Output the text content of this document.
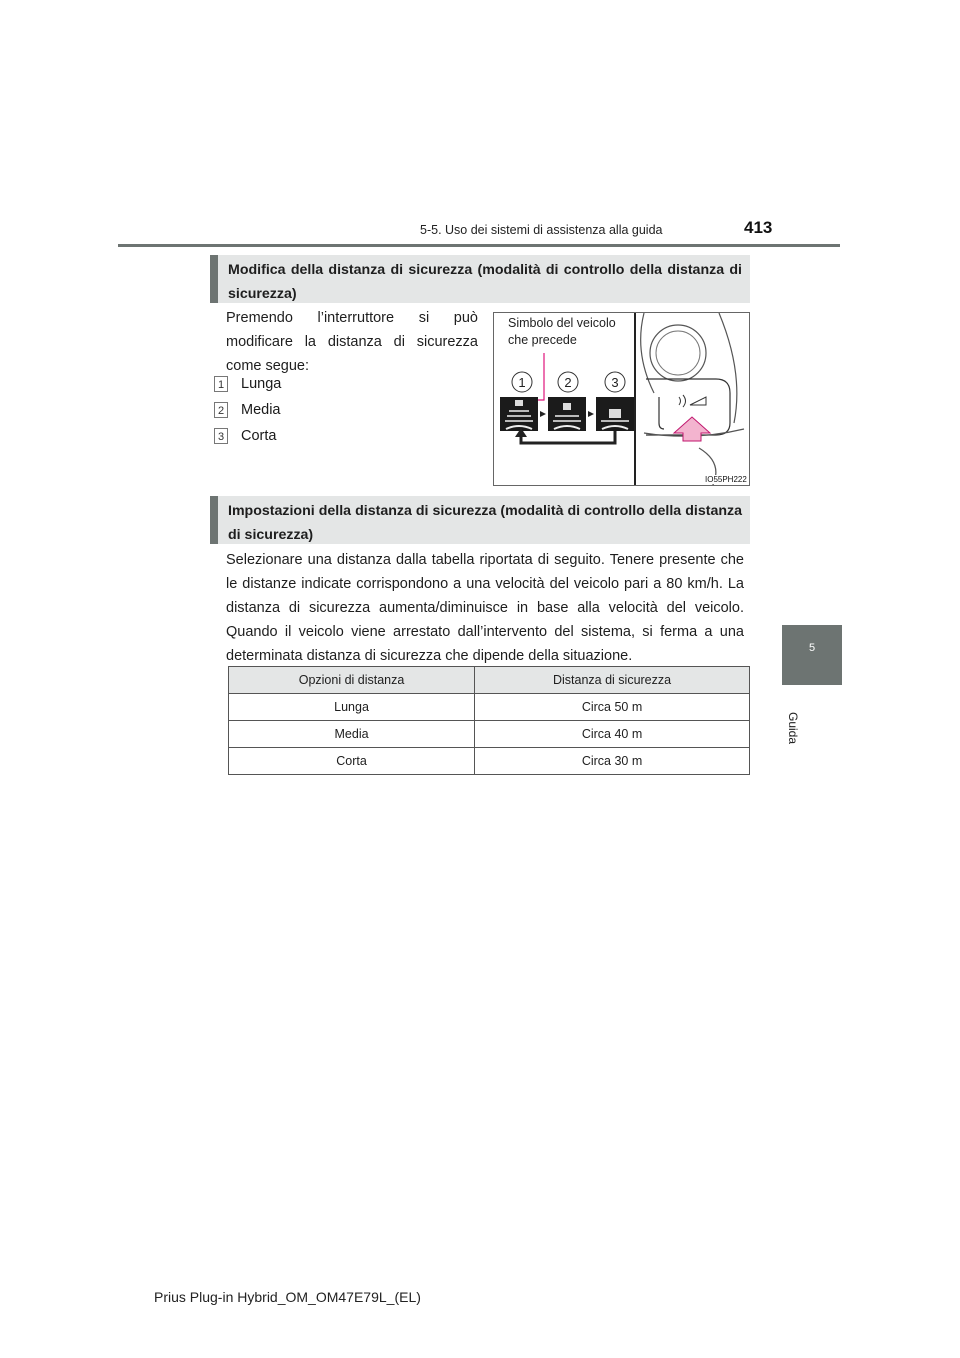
5-5. Uso dei sistemi di assistenza alla guida	413
5
Guida
Modifica della distanza di sicurezza (modalità di controllo della distanza di sicurezza)
Premendo l’interruttore si può modificare la distanza di sicurezza come segue:
1 Lunga
2 Media
3 Corta
1	2	3
Simbolo del veicolo
che precede
IO55PH222
Impostazioni della distanza di sicurezza (modalità di controllo della distanza di sicurezza)
Selezionare una distanza dalla tabella riportata di seguito. Tenere presente che le distanze indicate corrispondono a una velocità del veicolo pari a 80 km/h. La distanza di sicurezza aumenta/diminuisce in base alla velocità del veicolo. Quando il veicolo viene arrestato dall’intervento del sistema, si ferma a una determinata distanza di sicurezza che dipende della situazione.
Opzioni di distanza	Distanza di sicurezza
Lunga	Circa 50 m
Media	Circa 40 m
Corta	Circa 30 m
Prius Plug-in Hybrid_OM_OM47E79L_(EL)
